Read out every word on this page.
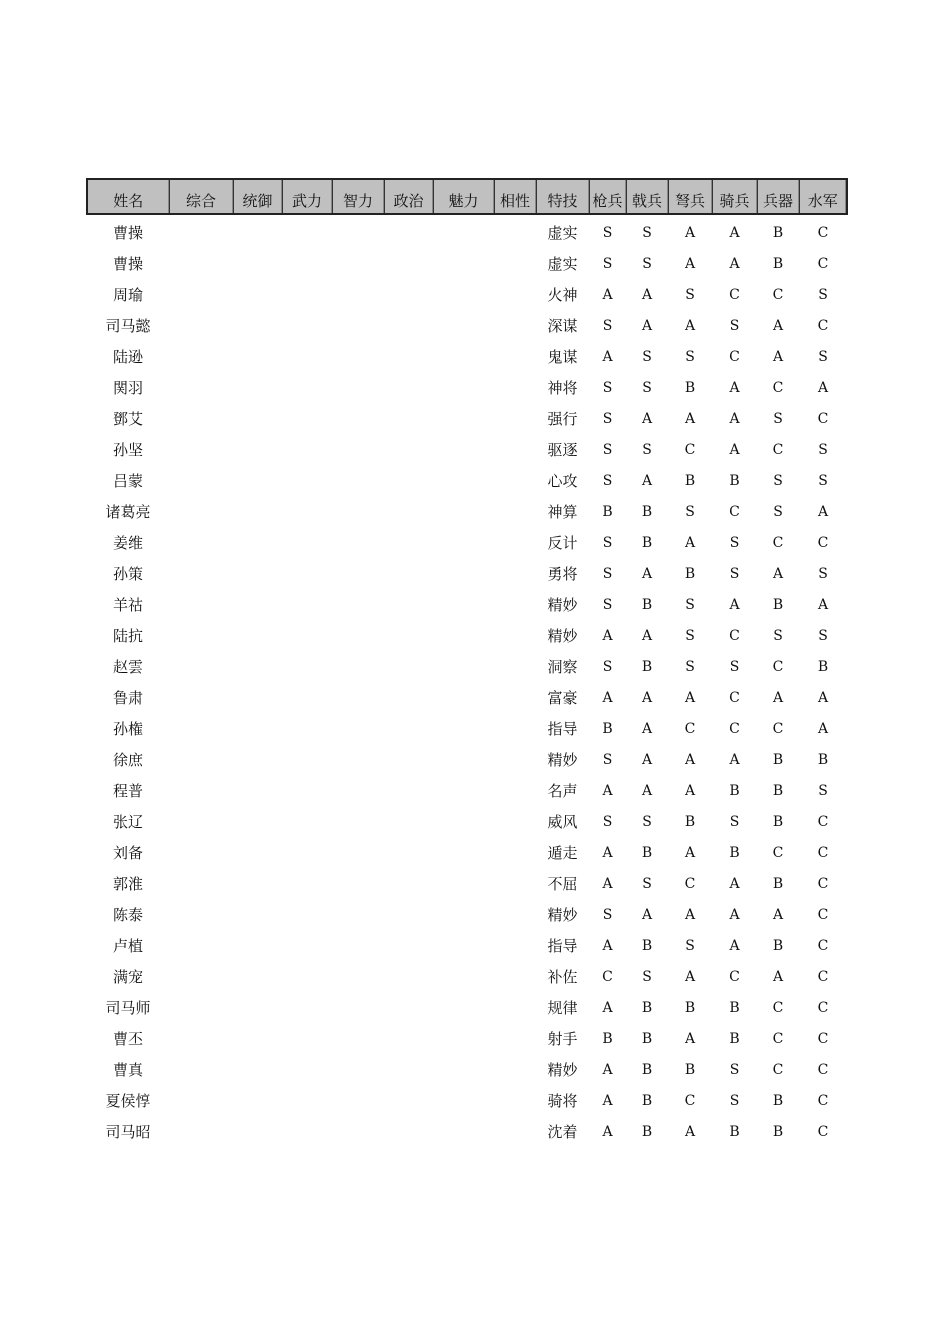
姓名	综合	统御	武力	智力	政治	魅力	相性	特技	枪兵	戟兵	弩兵	骑兵	兵器	水军
曹操								虚实	S	S	A	A	B	C
曹操								虚实	S	S	A	A	B	C
周瑜								火神	A	A	S	C	C	S
司马懿								深谋	S	A	A	S	A	C
陆逊								鬼谋	A	S	S	C	A	S
関羽								神将	S	S	B	A	C	A
鄧艾								强行	S	A	A	A	S	C
孙坚								驱逐	S	S	C	A	C	S
吕蒙								心攻	S	A	B	B	S	S
诸葛亮								神算	B	B	S	C	S	A
姜维								反计	S	B	A	S	C	C
孙策								勇将	S	A	B	S	A	S
羊祜								精妙	S	B	S	A	B	A
陆抗								精妙	A	A	S	C	S	S
赵雲								洞察	S	B	S	S	C	B
鲁肃								富豪	A	A	A	C	A	A
孙権								指导	B	A	C	C	C	A
徐庶								精妙	S	A	A	A	B	B
程普								名声	A	A	A	B	B	S
张辽								威风	S	S	B	S	B	C
刘备								遁走	A	B	A	B	C	C
郭淮								不屈	A	S	C	A	B	C
陈泰								精妙	S	A	A	A	A	C
卢植								指导	A	B	S	A	B	C
满宠								补佐	C	S	A	C	A	C
司马师								规律	A	B	B	B	C	C
曹丕								射手	B	B	A	B	C	C
曹真								精妙	A	B	B	S	C	C
夏侯惇								骑将	A	B	C	S	B	C
司马昭								沈着	A	B	A	B	B	C
